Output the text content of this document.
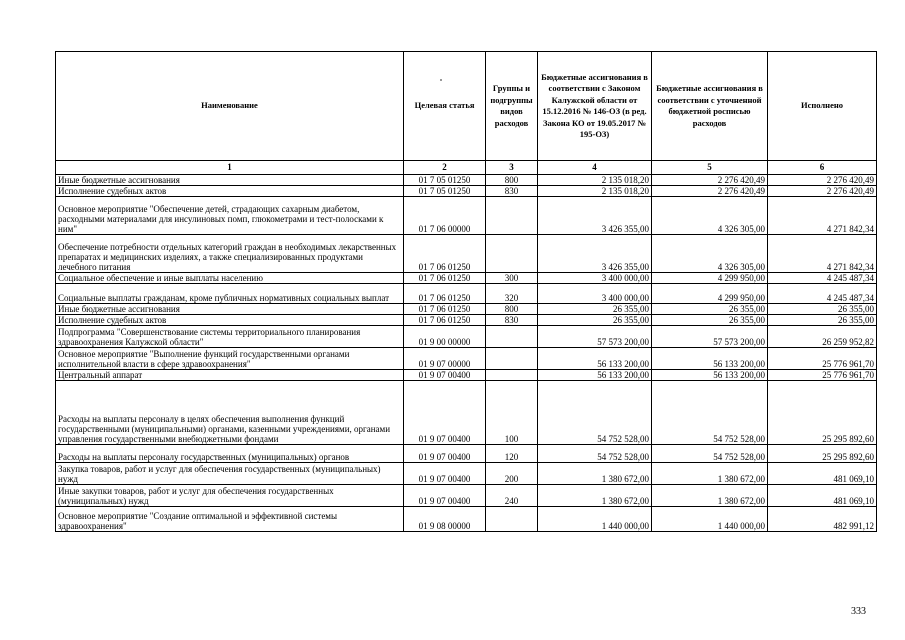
Наименование	Целевая статья	Группы и подгруппы видов расходов	Бюджетные ассигнования в соответствии с Законом Калужской области от 15.12.2016 № 146-ОЗ (в ред. Закона КО от 19.05.2017 № 195-ОЗ)	Бюджетные ассигнования в соответствии с уточненной бюджетной росписью расходов	Исполнено
1	2	3	4	5	6
Иные бюджетные ассигнования	01 7 05 01250	800	2 135 018,20	2 276 420,49	2 276 420,49
Исполнение судебных актов	01 7 05 01250	830	2 135 018,20	2 276 420,49	2 276 420,49
Основное мероприятие "Обеспечение детей, страдающих сахарным диабетом, расходными материалами для инсулиновых помп, глюкометрами и тест-полосками к ним"	01 7 06 00000		3 426 355,00	4 326 305,00	4 271 842,34
Обеспечение потребности отдельных категорий граждан в необходимых лекарственных препаратах и медицинских изделиях, а также специализированных продуктами лечебного питания	01 7 06 01250		3 426 355,00	4 326 305,00	4 271 842,34
Социальное обеспечение и иные выплаты населению	01 7 06 01250	300	3 400 000,00	4 299 950,00	4 245 487,34
Социальные выплаты гражданам, кроме публичных нормативных социальных выплат	01 7 06 01250	320	3 400 000,00	4 299 950,00	4 245 487,34
Иные бюджетные ассигнования	01 7 06 01250	800	26 355,00	26 355,00	26 355,00
Исполнение судебных актов	01 7 06 01250	830	26 355,00	26 355,00	26 355,00
Подпрограмма "Совершенствование системы территориального планирования здравоохранения Калужской области"	01 9 00 00000		57 573 200,00	57 573 200,00	26 259 952,82
Основное мероприятие "Выполнение функций государственными органами исполнительной власти в сфере здравоохранения"	01 9 07 00000		56 133 200,00	56 133 200,00	25 776 961,70
Центральный аппарат	01 9 07 00400		56 133 200,00	56 133 200,00	25 776 961,70
Расходы на выплаты персоналу в целях обеспечения выполнения функций государственными (муниципальными) органами, казенными учреждениями, органами управления государственными внебюджетными фондами	01 9 07 00400	100	54 752 528,00	54 752 528,00	25 295 892,60
Расходы на выплаты персоналу государственных (муниципальных) органов	01 9 07 00400	120	54 752 528,00	54 752 528,00	25 295 892,60
Закупка товаров, работ и услуг для обеспечения государственных (муниципальных) нужд	01 9 07 00400	200	1 380 672,00	1 380 672,00	481 069,10
Иные закупки товаров, работ и услуг для обеспечения государственных (муниципальных) нужд	01 9 07 00400	240	1 380 672,00	1 380 672,00	481 069,10
Основное мероприятие "Создание оптимальной и эффективной системы здравоохранения"	01 9 08 00000		1 440 000,00	1 440 000,00	482 991,12
333
